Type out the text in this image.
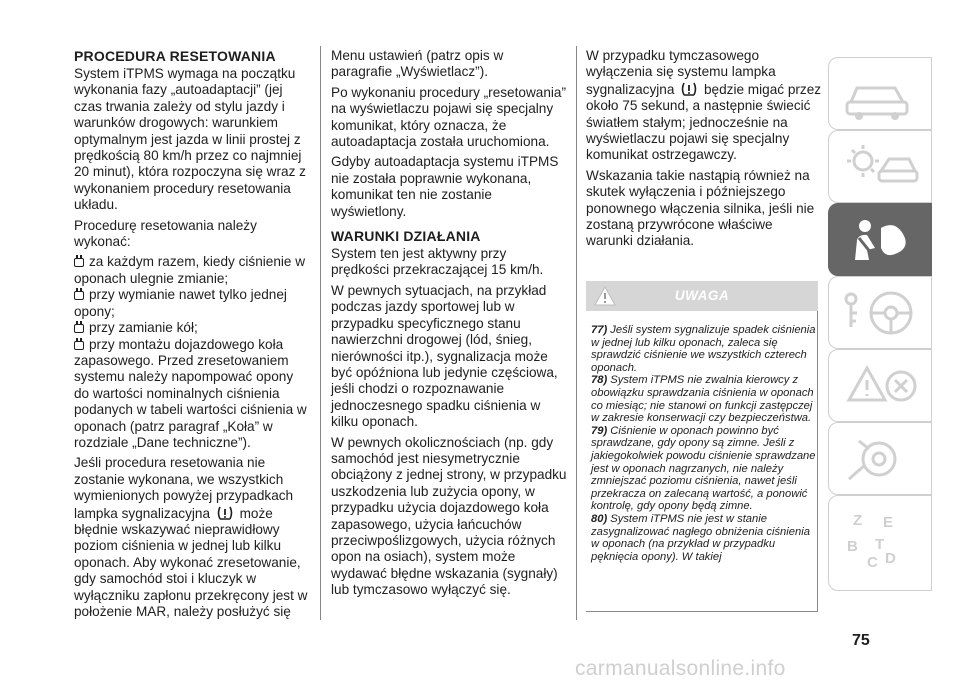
PROCEDURA RESETOWANIA

System iTPMS wymaga na początku wykonania fazy „autoadaptacji” (jej czas trwania zależy od stylu jazdy i warunków drogowych: warunkiem optymalnym jest jazda w linii prostej z prędkością 80 km/h przez co najmniej 20 minut), która rozpoczyna się wraz z wykonaniem procedury resetowania układu.

Procedurę resetowania należy wykonać:

za każdym razem, kiedy ciśnienie w oponach ulegnie zmianie;
przy wymianie nawet tylko jednej opony;
przy zamianie kół;

przy montażu dojazdowego koła zapasowego. Przed zresetowaniem systemu należy napompować opony do wartości nominalnych ciśnienia podanych w tabeli wartości ciśnienia w oponach (patrz paragraf „Koła” w rozdziale „Dane techniczne”).

Jeśli procedura resetowania nie zostanie wykonana, we wszystkich wymienionych powyżej przypadkach lampka sygnalizacyjna może błędnie wskazywać nieprawidłowy poziom ciśnienia w jednej lub kilku oponach. Aby wykonać zresetowanie, gdy samochód stoi i kluczyk w wyłączniku zapłonu przekręcony jest w położenie MAR, należy posłużyć się

Menu ustawień (patrz opis w paragrafie „Wyświetlacz”).

Po wykonaniu procedury „resetowania” na wyświetlaczu pojawi się specjalny komunikat, który oznacza, że autoadaptacja została uruchomiona.

Gdyby autoadaptacja systemu iTPMS nie została poprawnie wykonana, komunikat ten nie zostanie wyświetlony.

WARUNKI DZIAŁANIA

System ten jest aktywny przy prędkości przekraczającej 15 km/h.

W pewnych sytuacjach, na przykład podczas jazdy sportowej lub w przypadku specyficznego stanu nawierzchni drogowej (lód, śnieg, nierówności itp.), sygnalizacja może być opóźniona lub jedynie częściowa, jeśli chodzi o rozpoznawanie jednoczesnego spadku ciśnienia w kilku oponach.

W pewnych okolicznościach (np. gdy samochód jest niesymetrycznie obciążony z jednej strony, w przypadku uszkodzenia lub zużycia opony, w przypadku użycia dojazdowego koła zapasowego, użycia łańcuchów przeciwpoślizgowych, użycia różnych opon na osiach), system może wydawać błędne wskazania (sygnały) lub tymczasowo wyłączyć się.

W przypadku tymczasowego wyłączenia się systemu lampka sygnalizacyjna będzie migać przez około 75 sekund, a następnie świecić światłem stałym; jednocześnie na wyświetlaczu pojawi się specjalny komunikat ostrzegawczy.

Wskazania takie nastąpią również na skutek wyłączenia i późniejszego ponownego włączenia silnika, jeśli nie zostaną przywrócone właściwe warunki działania.

UWAGA

77) Jeśli system sygnalizuje spadek ciśnienia w jednej lub kilku oponach, zaleca się sprawdzić ciśnienie we wszystkich czterech oponach.

78) System iTPMS nie zwalnia kierowcy z obowiązku sprawdzania ciśnienia w oponach co miesiąc; nie stanowi on funkcji zastępczej w zakresie konserwacji czy bezpieczeństwa.

79) Ciśnienie w oponach powinno być sprawdzane, gdy opony są zimne. Jeśli z jakiegokolwiek powodu ciśnienie sprawdzane jest w oponach nagrzanych, nie należy zmniejszać poziomu ciśnienia, nawet jeśli przekracza on zalecaną wartość, a ponowić kontrolę, gdy opony będą zimne.

80) System iTPMS nie jest w stanie zasygnalizować nagłego obniżenia ciśnienia w oponach (na przykład w przypadku pęknięcia opony). W takiej

Z E
B
C D
T
75
carmanualsonline.info
